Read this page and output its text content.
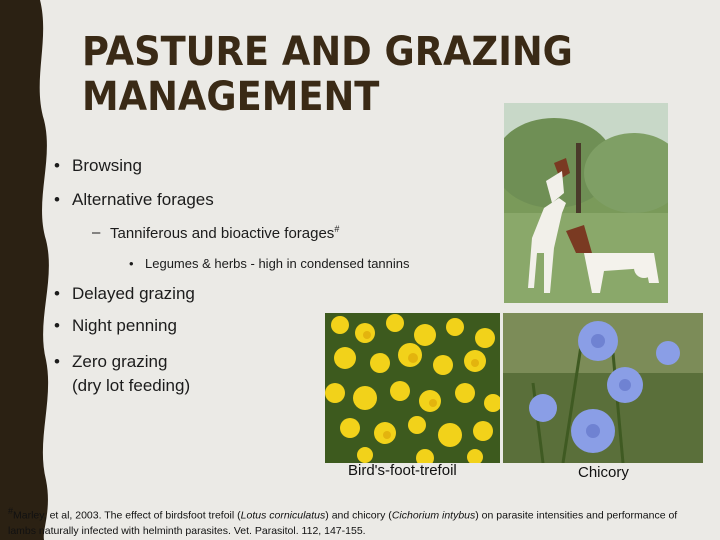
PASTURE AND GRAZING
MANAGEMENT
• Browsing
• Alternative forages
– Tanniferous and bioactive forages#
• Legumes & herbs - high in condensed tannins
• Delayed grazing
• Night penning
• Zero grazing
(dry lot feeding)
Bird's-foot-trefoil	Chicory
#Marley, et al, 2003. The effect of birdsfoot trefoil (Lotus corniculatus) and chicory (Cichorium intybus) on parasite intensities and performance of
lambs naturally infected with helminth parasites. Vet. Parasitol. 112, 147-155.
